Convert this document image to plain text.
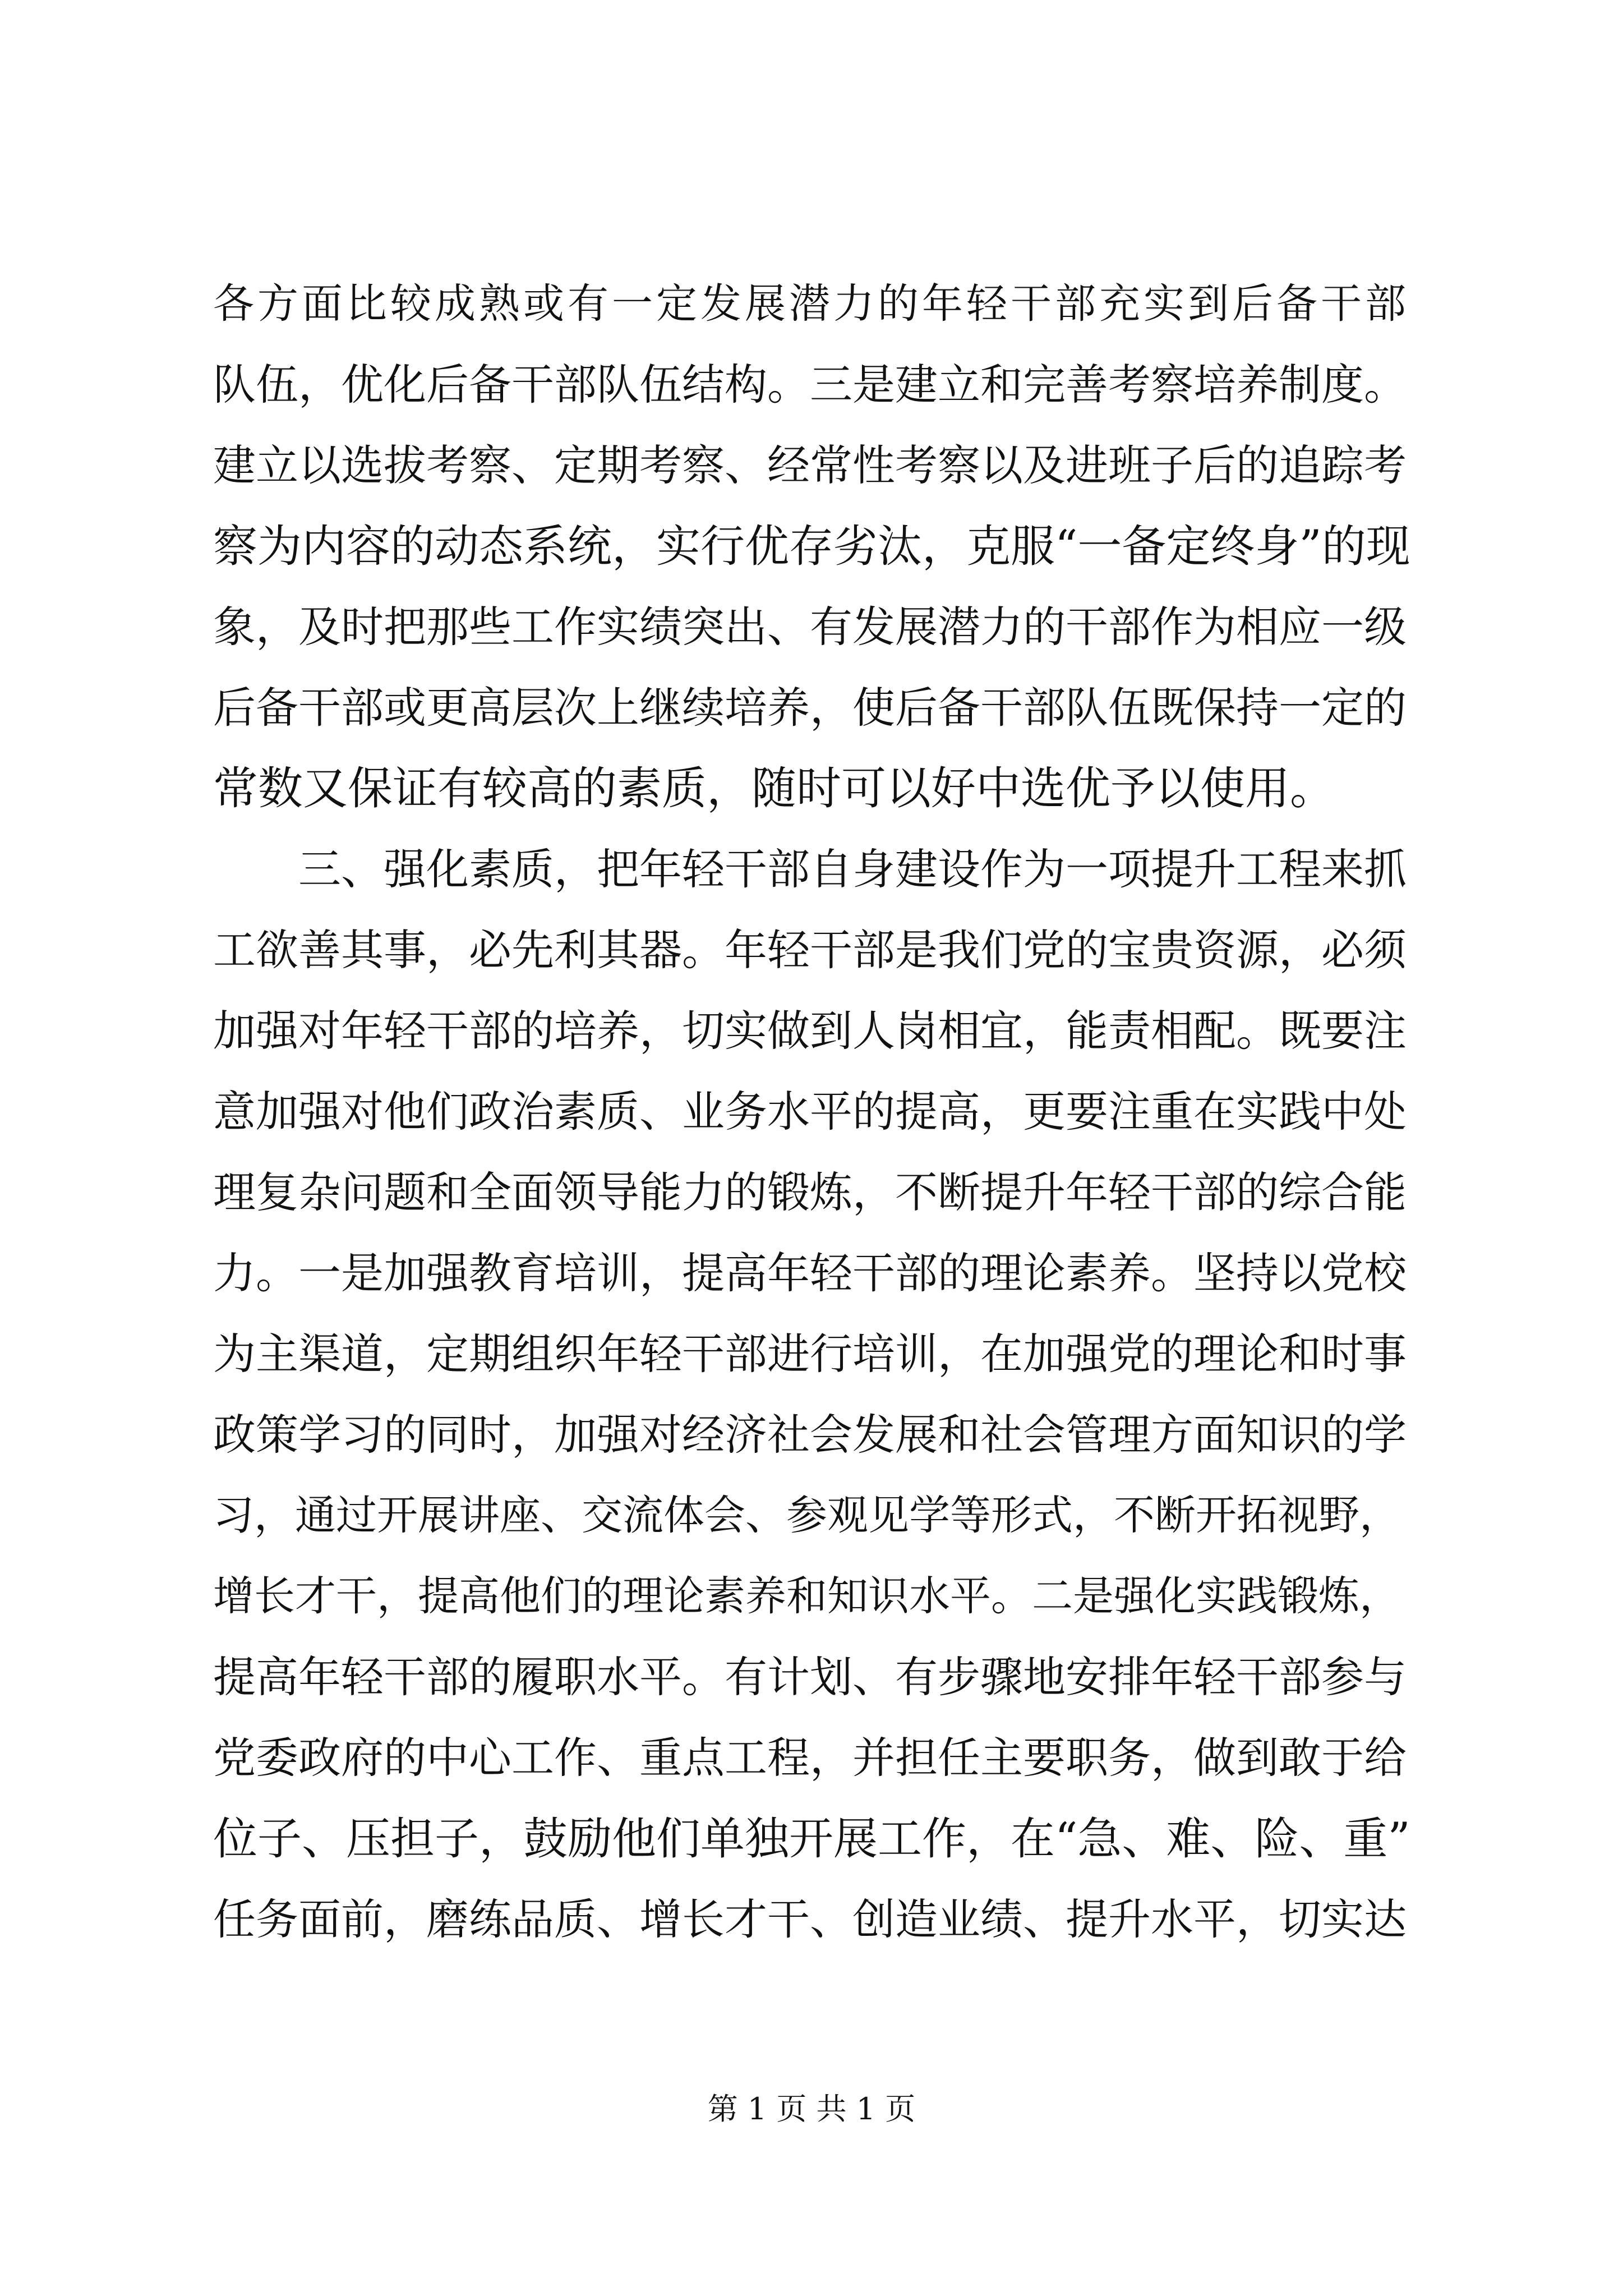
各方面比较成熟或有一定发展潜力的年轻干部充实到后备干部
队伍，优化后备干部队伍结构。三是建立和完善考察培养制度。
建立以选拔考察、定期考察、经常性考察以及进班子后的追踪考
察为内容的动态系统，实行优存劣汰，克服“一备定终身”的现
象，及时把那些工作实绩突出、有发展潜力的干部作为相应一级
后备干部或更高层次上继续培养，使后备干部队伍既保持一定的
常数又保证有较高的素质，随时可以好中选优予以使用。
　　三、强化素质，把年轻干部自身建设作为一项提升工程来抓
工欲善其事，必先利其器。年轻干部是我们党的宝贵资源，必须
加强对年轻干部的培养，切实做到人岗相宜，能责相配。既要注
意加强对他们政治素质、业务水平的提高，更要注重在实践中处
理复杂问题和全面领导能力的锻炼，不断提升年轻干部的综合能
力。一是加强教育培训，提高年轻干部的理论素养。坚持以党校
为主渠道，定期组织年轻干部进行培训，在加强党的理论和时事
政策学习的同时，加强对经济社会发展和社会管理方面知识的学
习，通过开展讲座、交流体会、参观见学等形式，不断开拓视野，
增长才干，提高他们的理论素养和知识水平。二是强化实践锻炼，
提高年轻干部的履职水平。有计划、有步骤地安排年轻干部参与
党委政府的中心工作、重点工程，并担任主要职务，做到敢于给
位子、压担子，鼓励他们单独开展工作，在“急、难、险、重”
任务面前，磨练品质、增长才干、创造业绩、提升水平，切实达
第 1 页 共 1 页
